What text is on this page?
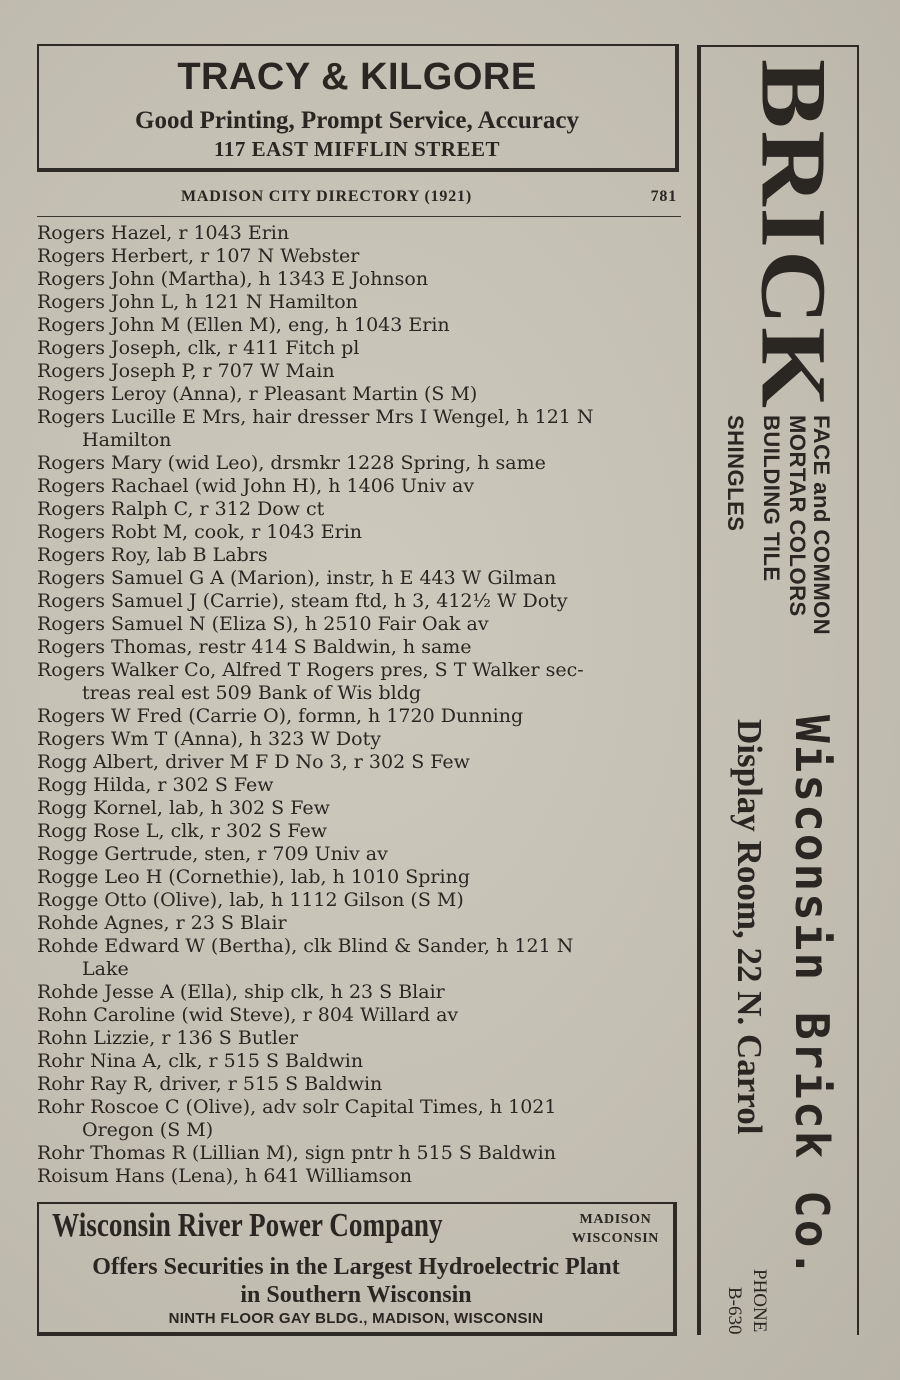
TRACY & KILGORE
Good Printing, Prompt Service, Accuracy
117 EAST MIFFLIN STREET
MADISON CITY DIRECTORY (1921)	781
Rogers Hazel, r 1043 Erin
Rogers Herbert, r 107 N Webster
Rogers John (Martha), h 1343 E Johnson
Rogers John L, h 121 N Hamilton
Rogers John M (Ellen M), eng, h 1043 Erin
Rogers Joseph, clk, r 411 Fitch pl
Rogers Joseph P, r 707 W Main
Rogers Leroy (Anna), r Pleasant Martin (S M)
Rogers Lucille E Mrs, hair dresser Mrs I Wengel, h 121 N
Hamilton
Rogers Mary (wid Leo), drsmkr 1228 Spring, h same
Rogers Rachael (wid John H), h 1406 Univ av
Rogers Ralph C, r 312 Dow ct
Rogers Robt M, cook, r 1043 Erin
Rogers Roy, lab B Labrs
Rogers Samuel G A (Marion), instr, h E 443 W Gilman
Rogers Samuel J (Carrie), steam ftd, h 3, 412½ W Doty
Rogers Samuel N (Eliza S), h 2510 Fair Oak av
Rogers Thomas, restr 414 S Baldwin, h same
Rogers Walker Co, Alfred T Rogers pres, S T Walker sec-
treas real est 509 Bank of Wis bldg
Rogers W Fred (Carrie O), formn, h 1720 Dunning
Rogers Wm T (Anna), h 323 W Doty
Rogg Albert, driver M F D No 3, r 302 S Few
Rogg Hilda, r 302 S Few
Rogg Kornel, lab, h 302 S Few
Rogg Rose L, clk, r 302 S Few
Rogge Gertrude, sten, r 709 Univ av
Rogge Leo H (Cornethie), lab, h 1010 Spring
Rogge Otto (Olive), lab, h 1112 Gilson (S M)
Rohde Agnes, r 23 S Blair
Rohde Edward W (Bertha), clk Blind & Sander, h 121 N
Lake
Rohde Jesse A (Ella), ship clk, h 23 S Blair
Rohn Caroline (wid Steve), r 804 Willard av
Rohn Lizzie, r 136 S Butler
Rohr Nina A, clk, r 515 S Baldwin
Rohr Ray R, driver, r 515 S Baldwin
Rohr Roscoe C (Olive), adv solr Capital Times, h 1021
Oregon (S M)
Rohr Thomas R (Lillian M), sign pntr h 515 S Baldwin
Roisum Hans (Lena), h 641 Williamson
Wisconsin River Power Company	MADISON
WISCONSIN
Offers Securities in the Largest Hydroelectric Plant
in Southern Wisconsin
NINTH FLOOR GAY BLDG., MADISON, WISCONSIN
BRICK
FACE and COMMON
MORTAR COLORS
BUILDING TILE
SHINGLES
Wisconsin Brick Co.
Display Room, 22 N. Carrol
PHONE
B-630
